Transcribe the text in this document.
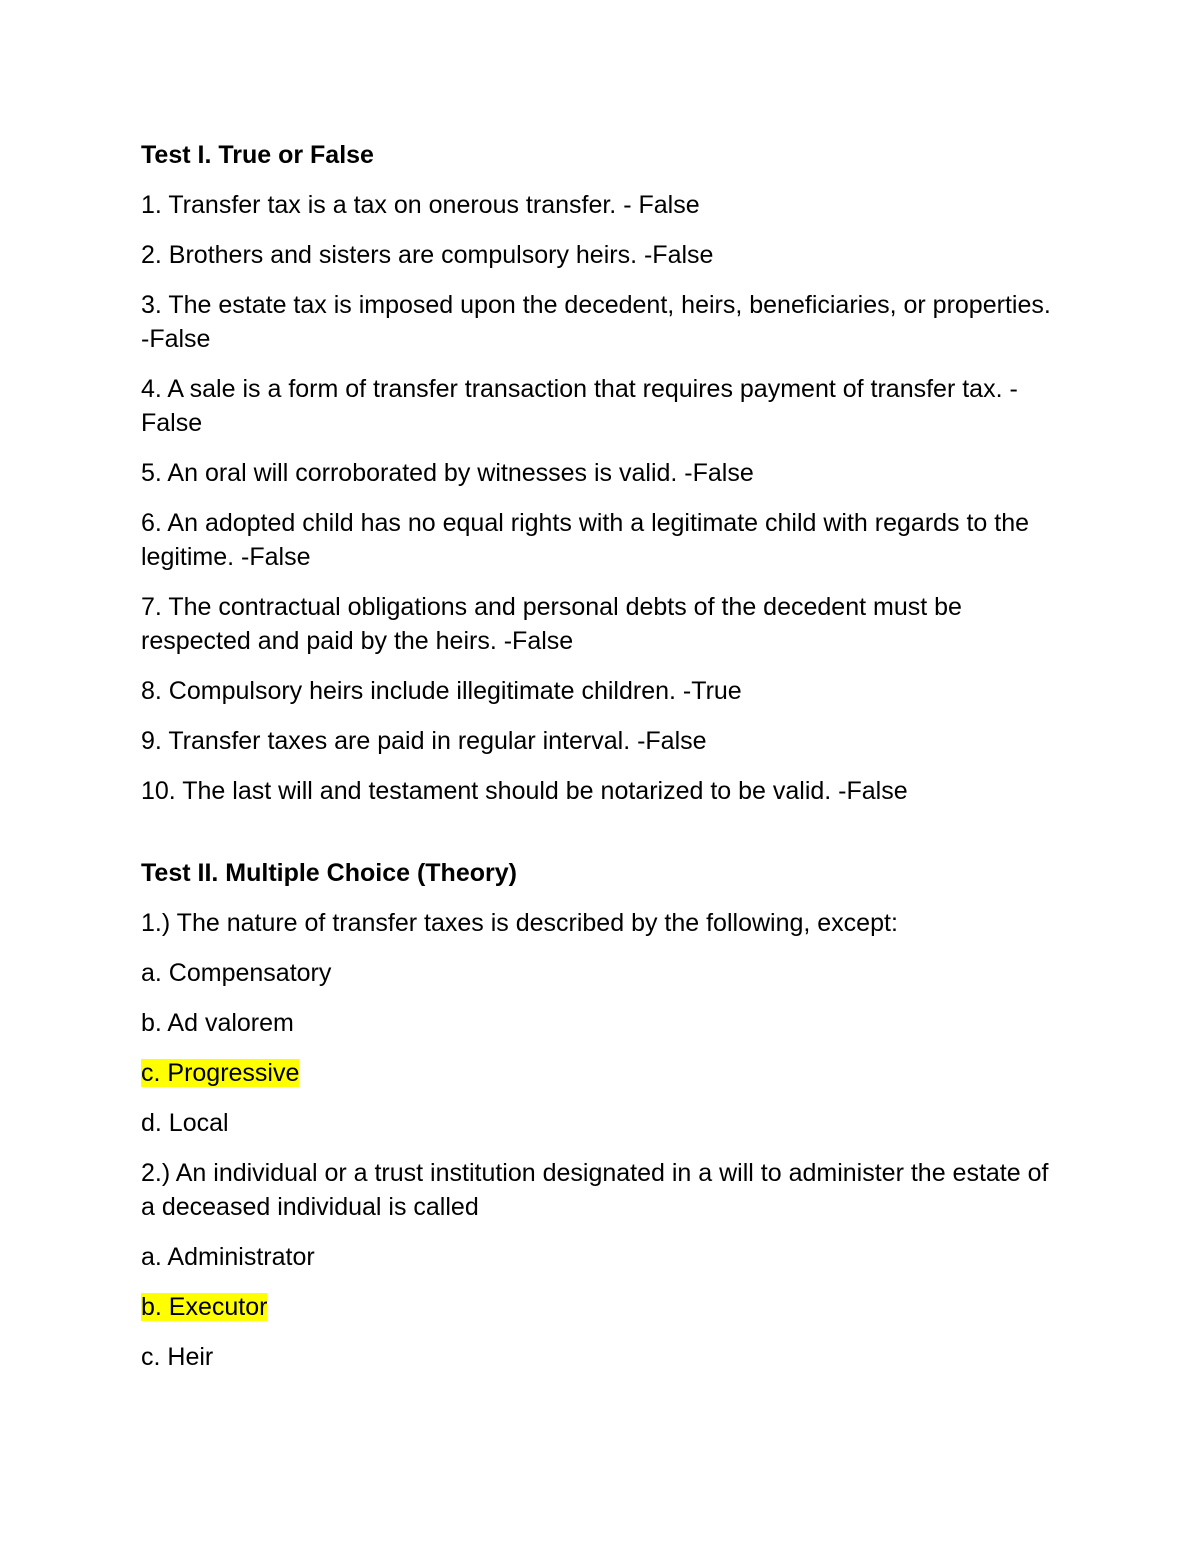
Test I. True or False
1. Transfer tax is a tax on onerous transfer. - False
2. Brothers and sisters are compulsory heirs. -False
3. The estate tax is imposed upon the decedent, heirs, beneficiaries, or properties. -False
4. A sale is a form of transfer transaction that requires payment of transfer tax. -False
5. An oral will corroborated by witnesses is valid. -False
6. An adopted child has no equal rights with a legitimate child with regards to the legitime. -False
7. The contractual obligations and personal debts of the decedent must be respected and paid by the heirs. -False
8. Compulsory heirs include illegitimate children. -True
9. Transfer taxes are paid in regular interval. -False
10. The last will and testament should be notarized to be valid. -False
Test II. Multiple Choice (Theory)
1.) The nature of transfer taxes is described by the following, except:
a. Compensatory
b. Ad valorem
c. Progressive
d. Local
2.) An individual or a trust institution designated in a will to administer the estate of a deceased individual is called
a. Administrator
b. Executor
c. Heir
